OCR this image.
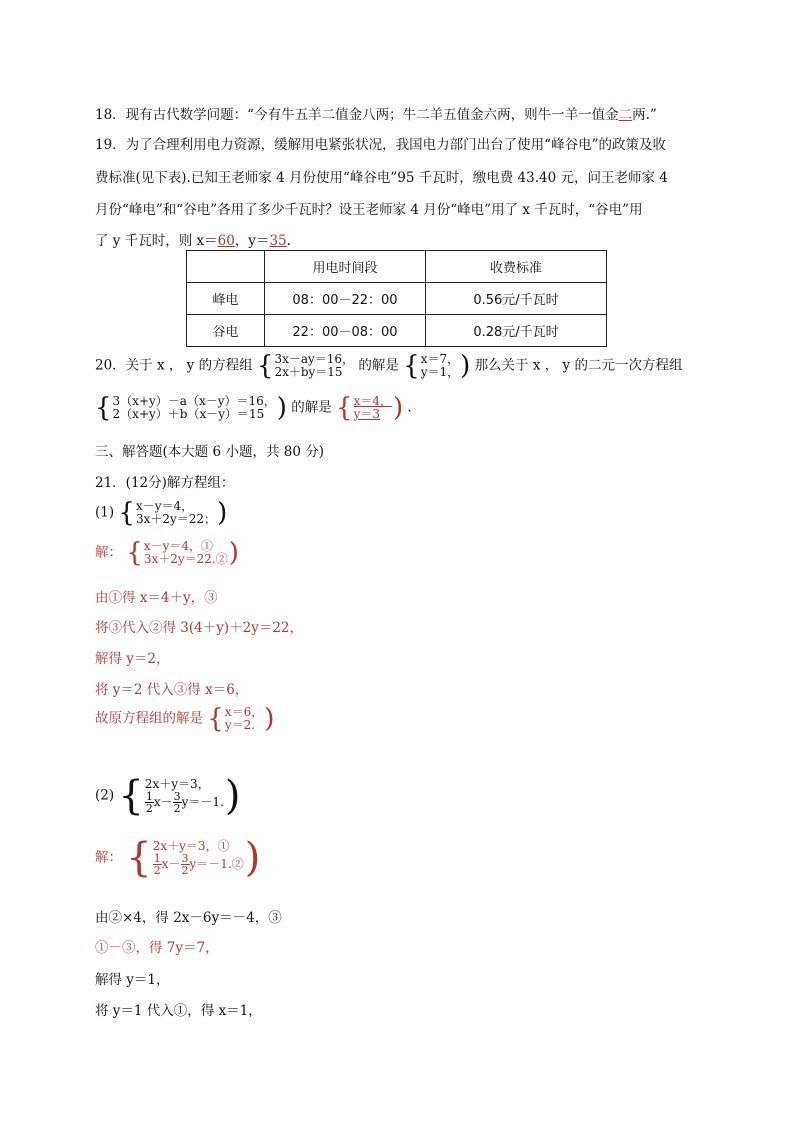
18．现有古代数学问题：“今有牛五羊二值金八两；牛二羊五值金六两，则牛一羊一值金二两.”
19．为了合理利用电力资源，缓解用电紧张状况，我国电力部门出台了使用“峰谷电”的政策及收
费标准(见下表).已知王老师家 4 月份使用“峰谷电”95 千瓦时，缴电费 43.40 元，问王老师家 4
月份“峰电”和“谷电”各用了多少千瓦时？设王老师家 4 月份“峰电”用了 x 千瓦时，“谷电”用
了 y 千瓦时，则 x＝60，y＝35.
	用电时间段	收费标准
峰电	08：00－22：00	0.56元/千瓦时
谷电	22：00－08：00	0.28元/千瓦时
20．关于 x ， y 的方程组 { 3x－ay＝16，
2x＋by＝15	的解是 { x＝7，
y＝1， ) 那么关于 x ， y 的二元一次方程组
{ 3（x+y）－a（x－y）＝16，
2（x+y）＋b（x－y）＝15 ) 的解是 { x＝4，
y＝3 ) .
三、解答题(本大题 6 小题，共 80 分)
21．(12分)解方程组：
(1) { x－y＝4，
3x＋2y＝22； )
解： { x－y＝4，①
3x＋2y＝22.② )
由①得 x＝4＋y，③
将③代入②得 3(4＋y)＋2y＝22，
解得 y＝2，
将 y＝2 代入③得 x＝6，
故原方程组的解是 { x＝6，
y＝2. )
(2) { 2x＋y＝3，
$\frac{1}{2} x- \frac{3}{2} y=-1$. )
解： { 2x＋y＝3，①
$\frac{1}{2} x- \frac{3}{2}$ y＝－1.② )
由②×4，得 2x－6y＝－4，③
①－③，得 7y＝7，
解得 y＝1，
将 y＝1 代入①，得 x＝1，
